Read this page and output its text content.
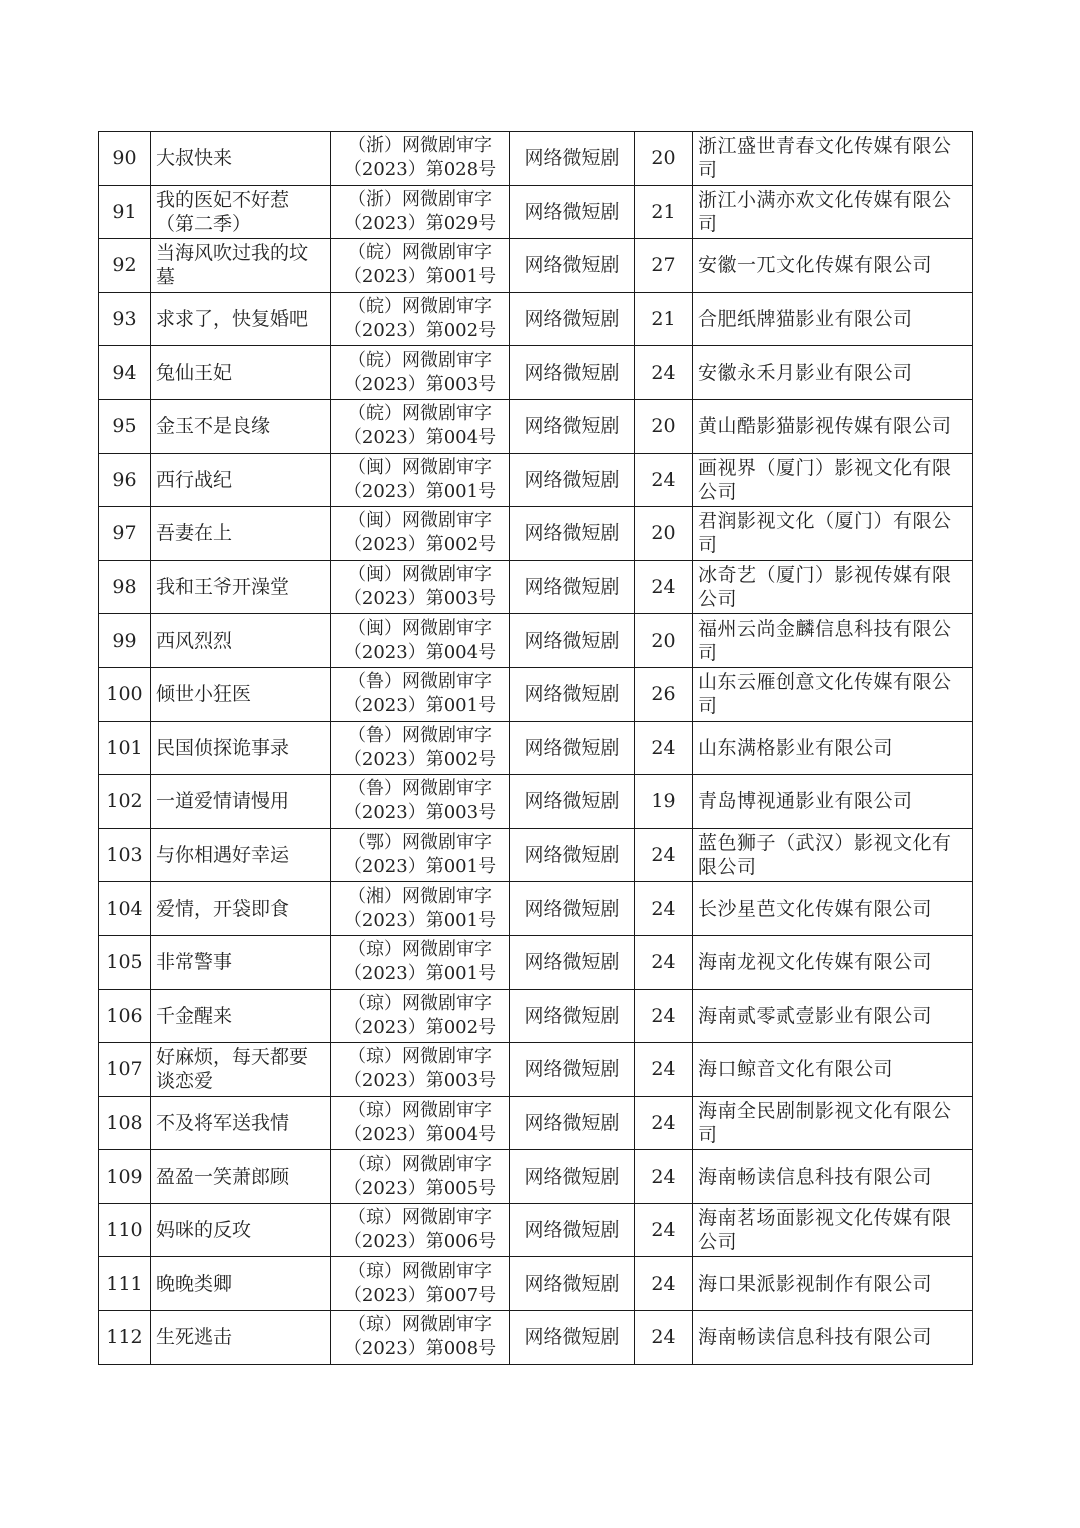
90	大叔快来	（浙）网微剧审字（2023）第028号	网络微短剧	20	浙江盛世青春文化传媒有限公司
91	我的医妃不好惹（第二季）	（浙）网微剧审字（2023）第029号	网络微短剧	21	浙江小满亦欢文化传媒有限公司
92	当海风吹过我的坟墓	（皖）网微剧审字（2023）第001号	网络微短剧	27	安徽一兀文化传媒有限公司
93	求求了，快复婚吧	（皖）网微剧审字（2023）第002号	网络微短剧	21	合肥纸牌猫影业有限公司
94	兔仙王妃	（皖）网微剧审字（2023）第003号	网络微短剧	24	安徽永禾月影业有限公司
95	金玉不是良缘	（皖）网微剧审字（2023）第004号	网络微短剧	20	黄山酷影猫影视传媒有限公司
96	西行战纪	（闽）网微剧审字（2023）第001号	网络微短剧	24	画视界（厦门）影视文化有限公司
97	吾妻在上	（闽）网微剧审字（2023）第002号	网络微短剧	20	君润影视文化（厦门）有限公司
98	我和王爷开澡堂	（闽）网微剧审字（2023）第003号	网络微短剧	24	冰奇艺（厦门）影视传媒有限公司
99	西风烈烈	（闽）网微剧审字（2023）第004号	网络微短剧	20	福州云尚金麟信息科技有限公司
100	倾世小狂医	（鲁）网微剧审字（2023）第001号	网络微短剧	26	山东云雁创意文化传媒有限公司
101	民国侦探诡事录	（鲁）网微剧审字（2023）第002号	网络微短剧	24	山东满格影业有限公司
102	一道爱情请慢用	（鲁）网微剧审字（2023）第003号	网络微短剧	19	青岛博视通影业有限公司
103	与你相遇好幸运	（鄂）网微剧审字（2023）第001号	网络微短剧	24	蓝色狮子（武汉）影视文化有限公司
104	爱情，开袋即食	（湘）网微剧审字（2023）第001号	网络微短剧	24	长沙星芭文化传媒有限公司
105	非常警事	（琼）网微剧审字（2023）第001号	网络微短剧	24	海南龙视文化传媒有限公司
106	千金醒来	（琼）网微剧审字（2023）第002号	网络微短剧	24	海南贰零贰壹影业有限公司
107	好麻烦，每天都要谈恋爱	（琼）网微剧审字（2023）第003号	网络微短剧	24	海口鲸音文化有限公司
108	不及将军送我情	（琼）网微剧审字（2023）第004号	网络微短剧	24	海南全民剧制影视文化有限公司
109	盈盈一笑萧郎顾	（琼）网微剧审字（2023）第005号	网络微短剧	24	海南畅读信息科技有限公司
110	妈咪的反攻	（琼）网微剧审字（2023）第006号	网络微短剧	24	海南茗场面影视文化传媒有限公司
111	晚晚类卿	（琼）网微剧审字（2023）第007号	网络微短剧	24	海口果派影视制作有限公司
112	生死逃击	（琼）网微剧审字（2023）第008号	网络微短剧	24	海南畅读信息科技有限公司
